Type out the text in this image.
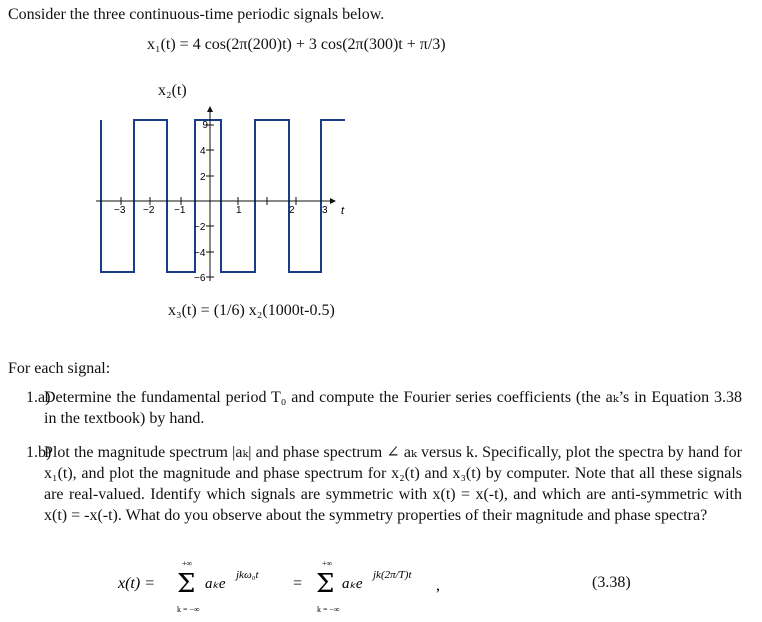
Consider the three continuous-time periodic signals below.
x₁(t) = 4 cos(2π(200)t) + 3 cos(2π(300)t + π/3)
x₂(t)
−3 −2 −1	1	2	3 t
6
4
2
−2
−4
−6
x₃(t) = (1/6) x₂(1000t-0.5)
For each signal:
1.a)
Determine the fundamental period T₀ and compute the Fourier series coefficients (the aₖ’s in Equation 3.38 in the textbook) by hand.
1.b)
Plot the magnitude spectrum |aₖ| and phase spectrum ∠ aₖ versus k. Specifically, plot the spectra by hand for x₁(t), and plot the magnitude and phase spectrum for x₂(t) and x₃(t) by computer. Note that all these signals are real-valued. Identify which signals are symmetric with x(t) = x(-t), and which are anti-symmetric with x(t) = -x(-t). What do you observe about the symmetry properties of their magnitude and phase spectra?
x(t) =
+∞
Σ
k = −∞
aₖe
jkω₀t =
+∞
Σ
k = −∞
aₖe
jk(2π/T)t
,	(3.38)
